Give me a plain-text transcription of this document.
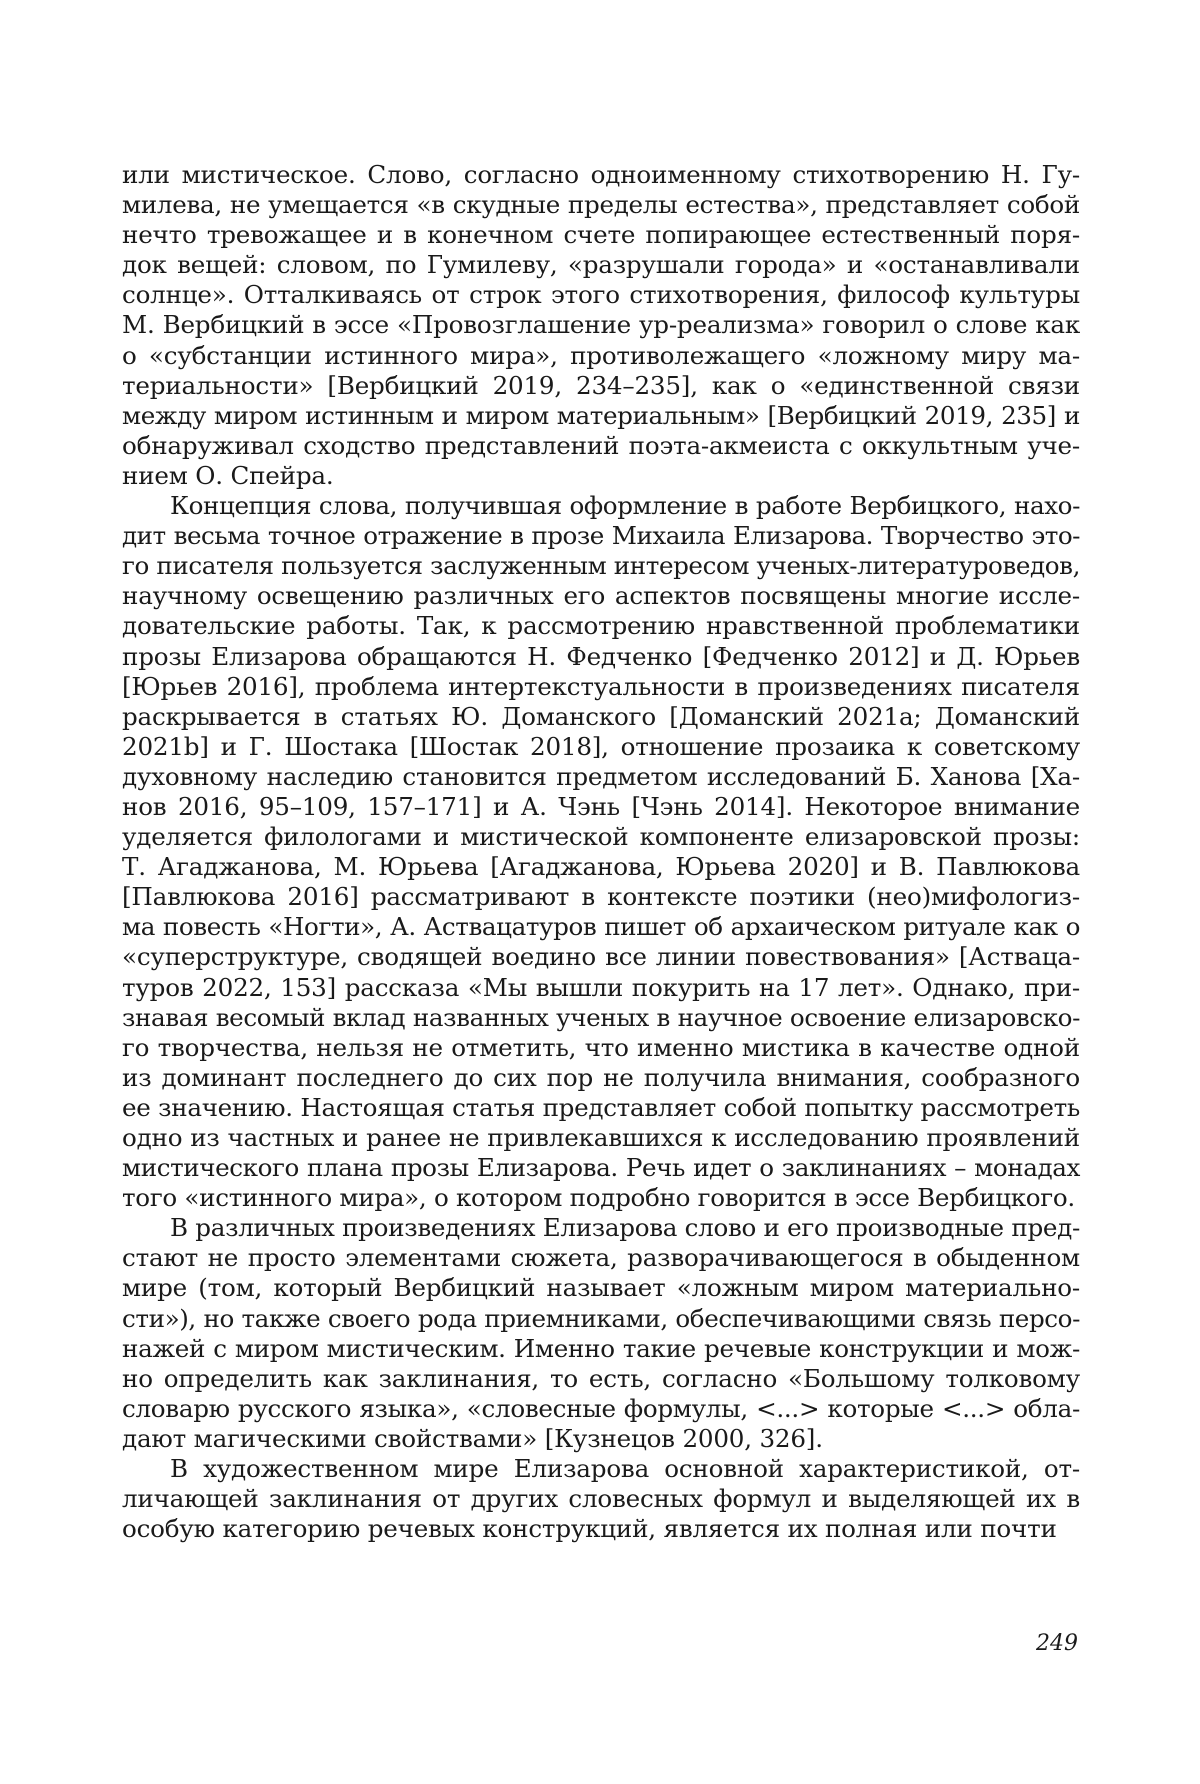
или мистическое. Слово, согласно одноименному стихотворению Н. Гу-
милева, не умещается «в скудные пределы естества», представляет собой
нечто тревожащее и в конечном счете попирающее естественный поря-
док вещей: словом, по Гумилеву, «разрушали города» и «останавливали
солнце». Отталкиваясь от строк этого стихотворения, философ культуры
М. Вербицкий в эссе «Провозглашение ур-реализма» говорил о слове как
о «субстанции истинного мира», противолежащего «ложному миру ма-
териальности» [Вербицкий 2019, 234–235], как о «единственной связи
между миром истинным и миром материальным» [Вербицкий 2019, 235] и
обнаруживал сходство представлений поэта-акмеиста с оккультным уче-
нием О. Спейра.
Концепция слова, получившая оформление в работе Вербицкого, нахо-
дит весьма точное отражение в прозе Михаила Елизарова. Творчество это-
го писателя пользуется заслуженным интересом ученых-литературоведов,
научному освещению различных его аспектов посвящены многие иссле-
довательские работы. Так, к рассмотрению нравственной проблематики
прозы Елизарова обращаются Н. Федченко [Федченко 2012] и Д. Юрьев
[Юрьев 2016], проблема интертекстуальности в произведениях писателя
раскрывается в статьях Ю. Доманского [Доманский 2021a; Доманский
2021b] и Г. Шостака [Шостак 2018], отношение прозаика к советскому
духовному наследию становится предметом исследований Б. Ханова [Ха-
нов 2016, 95–109, 157–171] и А. Чэнь [Чэнь 2014]. Некоторое внимание
уделяется филологами и мистической компоненте елизаровской прозы:
Т. Агаджанова, М. Юрьева [Агаджанова, Юрьева 2020] и В. Павлюкова
[Павлюкова 2016] рассматривают в контексте поэтики (нео)мифологиз-
ма повесть «Ногти», А. Аствацатуров пишет об архаическом ритуале как о
«суперструктуре, сводящей воедино все линии повествования» [Аствацa-
туров 2022, 153] рассказа «Мы вышли покурить на 17 лет». Однако, при-
знавая весомый вклад названных ученых в научное освоение елизаровско-
го творчества, нельзя не отметить, что именно мистика в качестве одной
из доминант последнего до сих пор не получила внимания, сообразного
ее значению. Настоящая статья представляет собой попытку рассмотреть
одно из частных и ранее не привлекавшихся к исследованию проявлений
мистического плана прозы Елизарова. Речь идет о заклинаниях – монадах
того «истинного мира», о котором подробно говорится в эссе Вербицкого.
В различных произведениях Елизарова слово и его производные пред-
стают не просто элементами сюжета, разворачивающегося в обыденном
мире (том, который Вербицкий называет «ложным миром материально-
сти»), но также своего рода приемниками, обеспечивающими связь персо-
нажей с миром мистическим. Именно такие речевые конструкции и мож-
но определить как заклинания, то есть, согласно «Большому толковому
словарю русского языка», «словесные формулы, <...> которые <...> обла-
дают магическими свойствами» [Кузнецов 2000, 326].
В художественном мире Елизарова основной характеристикой, от-
личающей заклинания от других словесных формул и выделяющей их в
особую категорию речевых конструкций, является их полная или почти
249
